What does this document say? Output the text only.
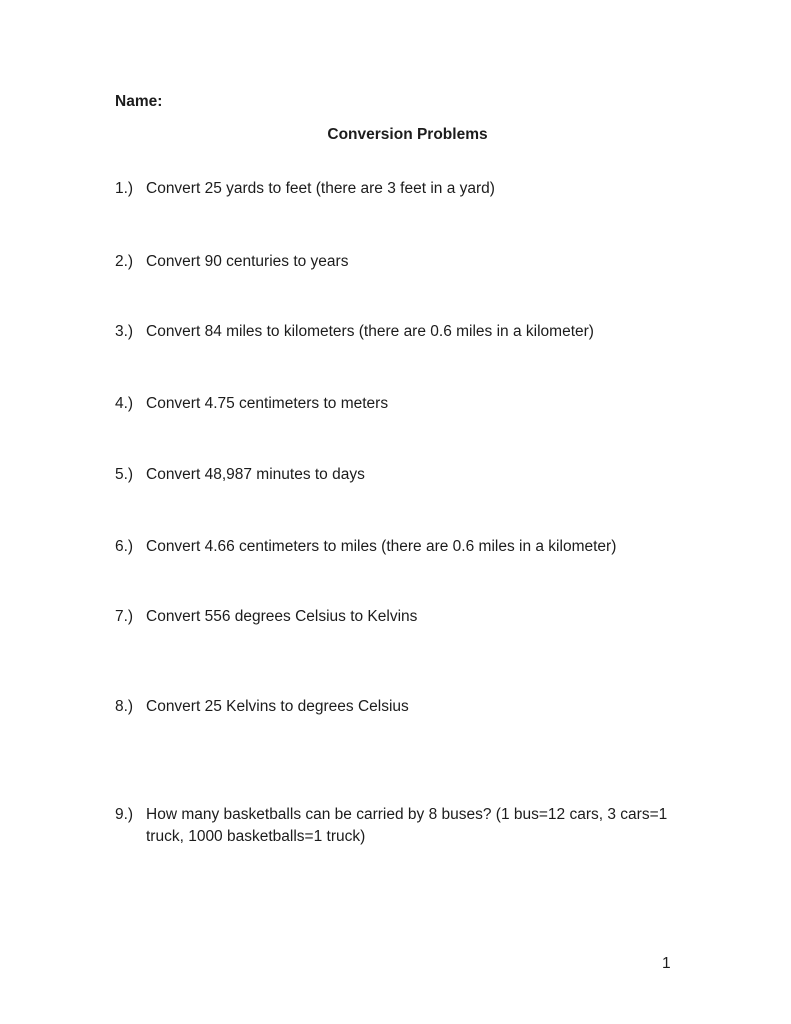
Name:
Conversion Problems
1.) Convert 25 yards to feet (there are 3 feet in a yard)
2.) Convert 90 centuries to years
3.) Convert 84 miles to kilometers (there are 0.6 miles in a kilometer)
4.) Convert 4.75 centimeters to meters
5.) Convert 48,987 minutes to days
6.) Convert 4.66 centimeters to miles (there are 0.6 miles in a kilometer)
7.) Convert 556 degrees Celsius to Kelvins
8.) Convert 25 Kelvins to degrees Celsius
9.) How many basketballs can be carried by 8 buses? (1 bus=12 cars, 3 cars=1 truck, 1000 basketballs=1 truck)
1
